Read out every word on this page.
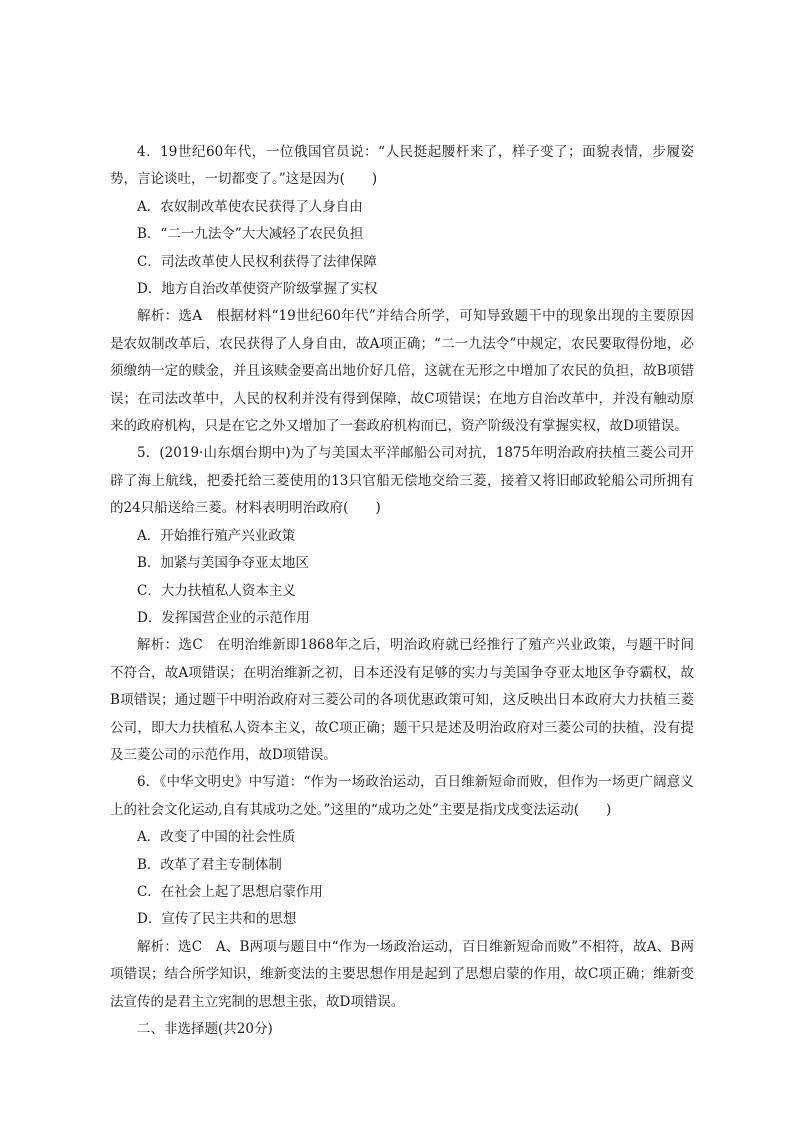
4．19世纪60年代，一位俄国官员说：“人民挺起腰杆来了，样子变了；面貌表情，步履姿势，言论谈吐，一切都变了。”这是因为(　　)

A．农奴制改革使农民获得了人身自由

B．“二一九法令”大大减轻了农民负担

C．司法改革使人民权利获得了法律保障

D．地方自治改革使资产阶级掌握了实权

解析：选A　根据材料“19世纪60年代”并结合所学，可知导致题干中的现象出现的主要原因是农奴制改革后，农民获得了人身自由，故A项正确；“二一九法令”中规定，农民要取得份地，必须缴纳一定的赎金，并且该赎金要高出地价好几倍，这就在无形之中增加了农民的负担，故B项错误；在司法改革中，人民的权利并没有得到保障，故C项错误；在地方自治改革中，并没有触动原来的政府机构，只是在它之外又增加了一套政府机构而已，资产阶级没有掌握实权，故D项错误。

5．(2019·山东烟台期中)为了与美国太平洋邮船公司对抗，1875年明治政府扶植三菱公司开辟了海上航线，把委托给三菱使用的13只官船无偿地交给三菱，接着又将旧邮政轮船公司所拥有的24只船送给三菱。材料表明明治政府(　　)

A．开始推行殖产兴业政策

B．加紧与美国争夺亚太地区

C．大力扶植私人资本主义

D．发挥国营企业的示范作用

解析：选C　在明治维新即1868年之后，明治政府就已经推行了殖产兴业政策，与题干时间不符合，故A项错误；在明治维新之初，日本还没有足够的实力与美国争夺亚太地区争夺霸权，故B项错误；通过题干中明治政府对三菱公司的各项优惠政策可知，这反映出日本政府大力扶植三菱公司，即大力扶植私人资本主义，故C项正确；题干只是述及明治政府对三菱公司的扶植，没有提及三菱公司的示范作用，故D项错误。

6．《中华文明史》中写道：“作为一场政治运动，百日维新短命而败，但作为一场更广阔意义上的社会文化运动,自有其成功之处。”这里的“成功之处”主要是指戊戌变法运动(　　)

A．改变了中国的社会性质

B．改革了君主专制体制

C．在社会上起了思想启蒙作用

D．宣传了民主共和的思想

解析：选C　A、B两项与题目中“作为一场政治运动，百日维新短命而败”不相符，故A、B两项错误；结合所学知识，维新变法的主要思想作用是起到了思想启蒙的作用，故C项正确；维新变法宣传的是君主立宪制的思想主张，故D项错误。

二、非选择题(共20分)
